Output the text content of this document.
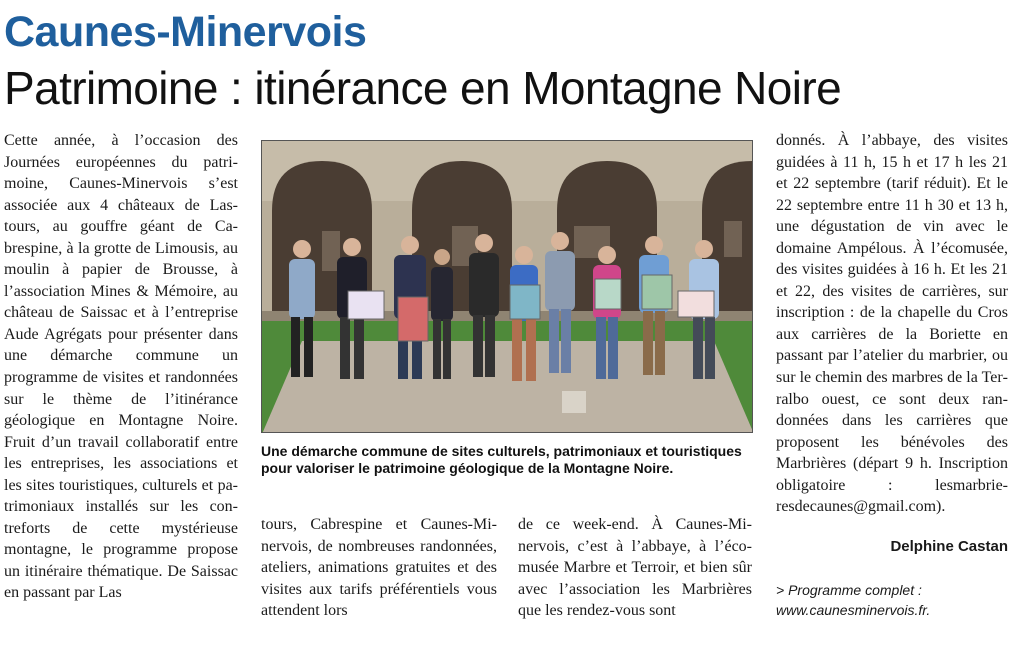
Caunes-Minervois
Patrimoine : itinérance en Montagne Noire

Cette année, à l’occasion des Journées européennes du patrimoine, Caunes-Minervois s’est associée aux 4 châteaux de Lastours, au gouffre géant de Cabrespine, à la grotte de Limousis, au moulin à papier de Brousse, à l’association Mines & Mémoire, au château de Saissac et à l’entreprise Aude Agrégats pour présenter dans une démarche commune un programme de visites et randonnées sur le thème de l’itinérance géologique en Montagne Noire. Fruit d’un travail collaboratif entre les entreprises, les associations et les sites touristiques, culturels et patrimoniaux installés sur les contreforts de cette mystérieuse montagne, le programme propose un itinéraire thématique. De Saissac en passant par Las

Une démarche commune de sites culturels, patrimoniaux et touristiques pour valoriser le patrimoine géologique de la Montagne Noire.

tours, Cabrespine et Caunes-Minervois, de nombreuses randonnées, ateliers, animations gratuites et des visites aux tarifs préférentiels vous attendent lors

de ce week-end. À Caunes-Minervois, c’est à l’abbaye, à l’écomusée Marbre et Terroir, et bien sûr avec l’association les Marbrières que les rendez-vous sont

donnés. À l’abbaye, des visites guidées à 11 h, 15 h et 17 h les 21 et 22 septembre (tarif réduit). Et le 22 septembre entre 11 h 30 et 13 h, une dégustation de vin avec le domaine Ampélous. À l’écomusée, des visites guidées à 16 h. Et les 21 et 22, des visites de carrières, sur inscription : de la chapelle du Cros aux carrières de la Boriette en passant par l’atelier du marbrier, ou sur le chemin des marbres de la Terralbo ouest, ce sont deux randonnées dans les carrières que proposent les bénévoles des Marbrières (départ 9 h. Inscription obligatoire : lesmarbrieresdecaunes@gmail.com).

Delphine Castan

> Programme complet : www.caunesminervois.fr.
